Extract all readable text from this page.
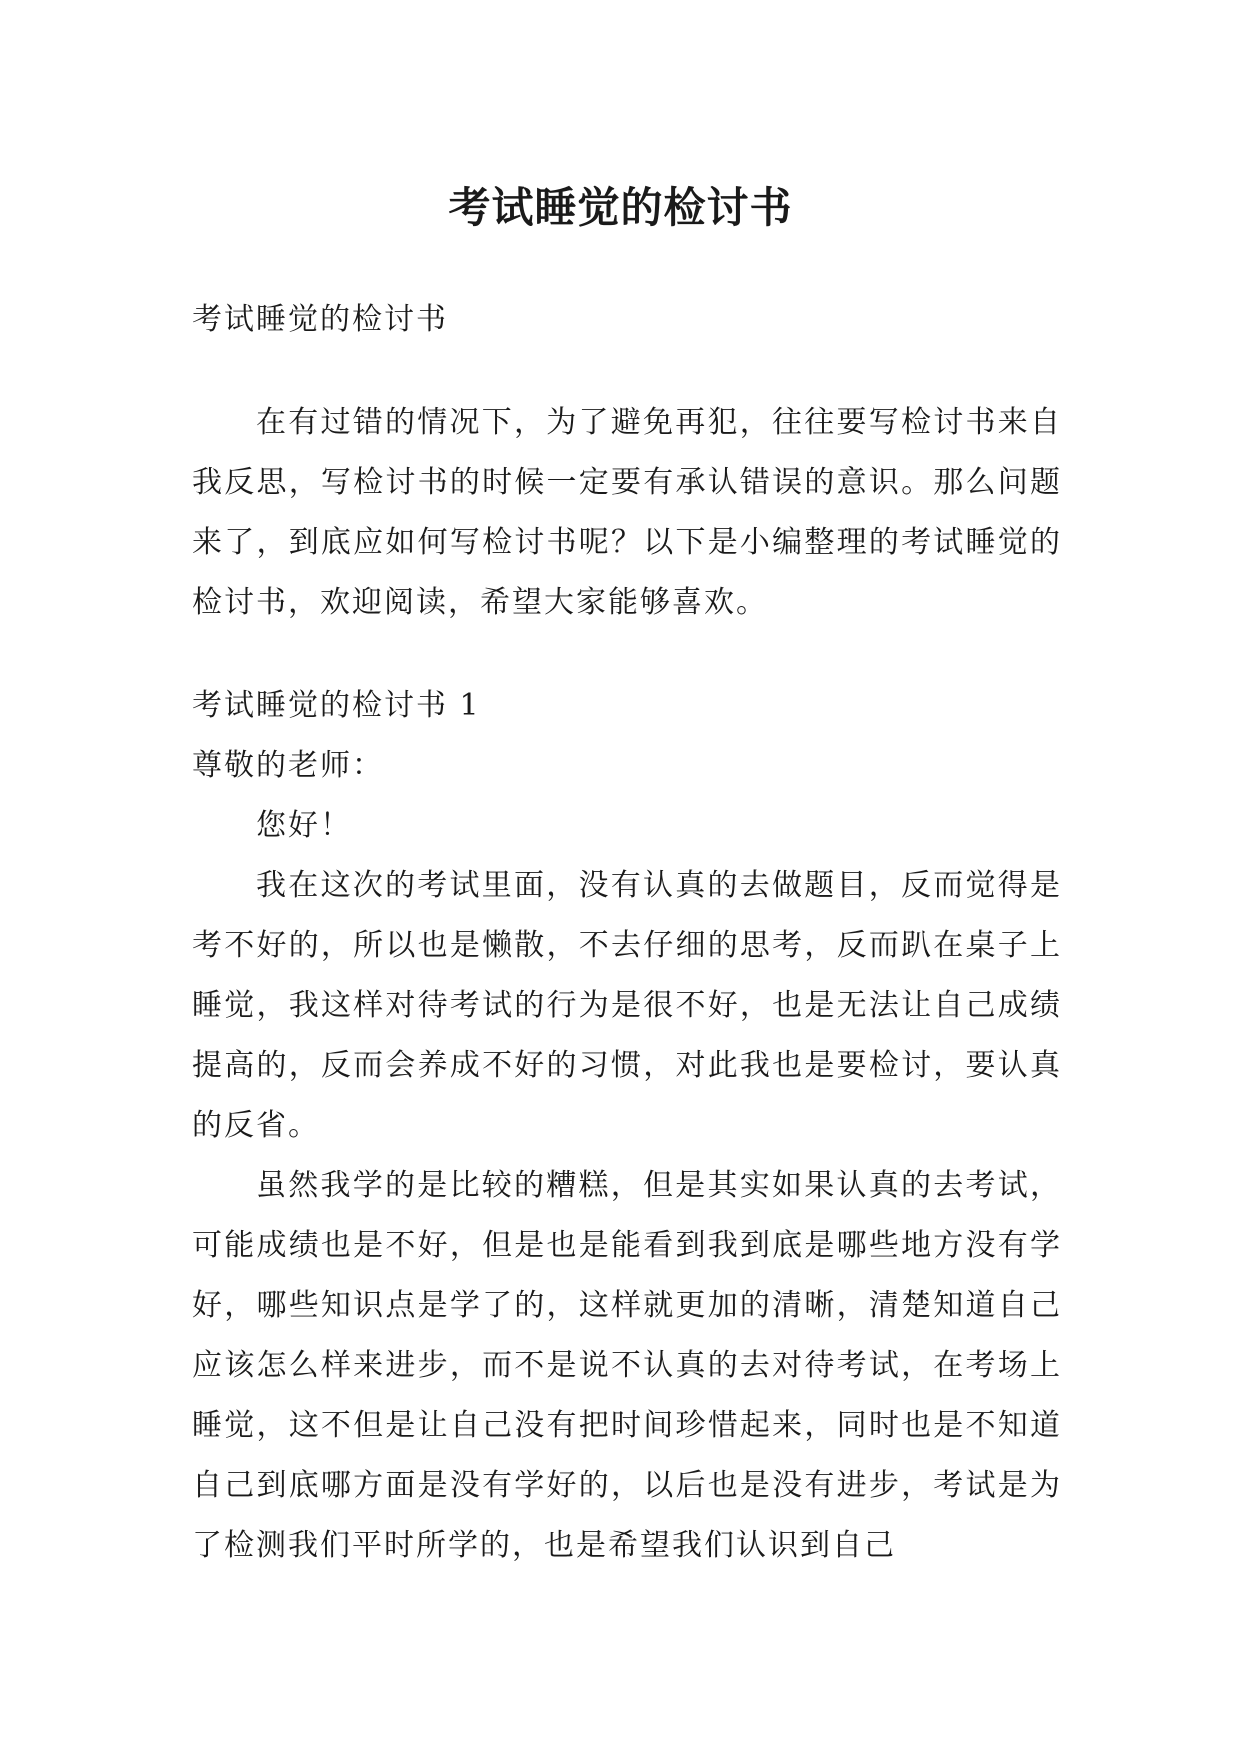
考试睡觉的检讨书

考试睡觉的检讨书

在有过错的情况下，为了避免再犯，往往要写检讨书来自我反思，写检讨书的时候一定要有承认错误的意识。那么问题来了，到底应如何写检讨书呢？以下是小编整理的考试睡觉的检讨书，欢迎阅读，希望大家能够喜欢。

考试睡觉的检讨书 1

尊敬的老师：

您好！

我在这次的考试里面，没有认真的去做题目，反而觉得是考不好的，所以也是懒散，不去仔细的思考，反而趴在桌子上睡觉，我这样对待考试的行为是很不好，也是无法让自己成绩提高的，反而会养成不好的习惯，对此我也是要检讨，要认真的反省。

虽然我学的是比较的糟糕，但是其实如果认真的去考试，可能成绩也是不好，但是也是能看到我到底是哪些地方没有学好，哪些知识点是学了的，这样就更加的清晰，清楚知道自己应该怎么样来进步，而不是说不认真的去对待考试，在考场上睡觉，这不但是让自己没有把时间珍惜起来，同时也是不知道自己到底哪方面是没有学好的，以后也是没有进步，考试是为了检测我们平时所学的，也是希望我们认识到自己
